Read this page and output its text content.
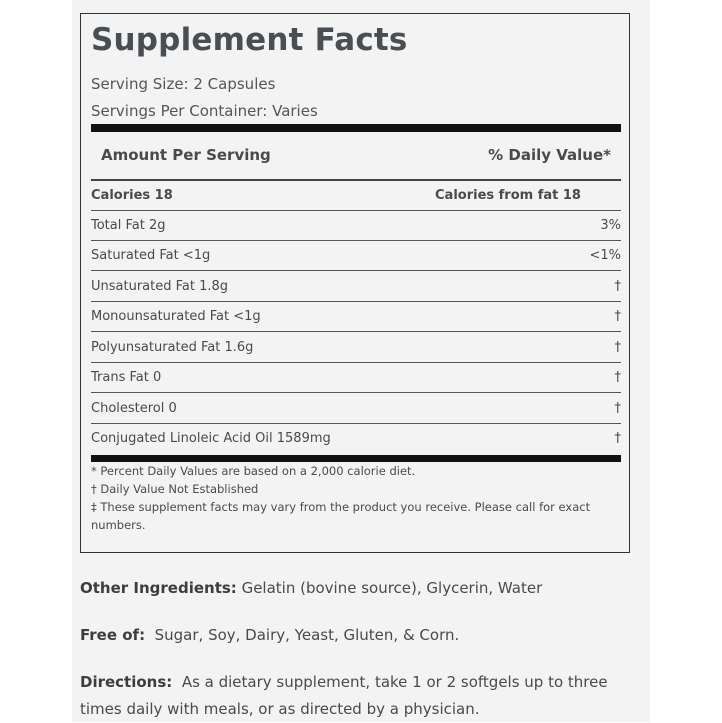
Supplement Facts
Serving Size: 2 Capsules
Servings Per Container: Varies
Amount Per Serving	% Daily Value*
Calories 18	Calories from fat 18
Total Fat 2g	3%
Saturated Fat <1g	<1%
Unsaturated Fat 1.8g	†
Monounsaturated Fat <1g	†
Polyunsaturated Fat 1.6g	†
Trans Fat 0	†
Cholesterol 0	†
Conjugated Linoleic Acid Oil 1589mg	†
* Percent Daily Values are based on a 2,000 calorie diet.
† Daily Value Not Established
‡ These supplement facts may vary from the product you receive. Please call for exact numbers.
Other Ingredients: Gelatin (bovine source), Glycerin, Water
Free of:  Sugar, Soy, Dairy, Yeast, Gluten, & Corn.
Directions:  As a dietary supplement, take 1 or 2 softgels up to three times daily with meals, or as directed by a physician.
